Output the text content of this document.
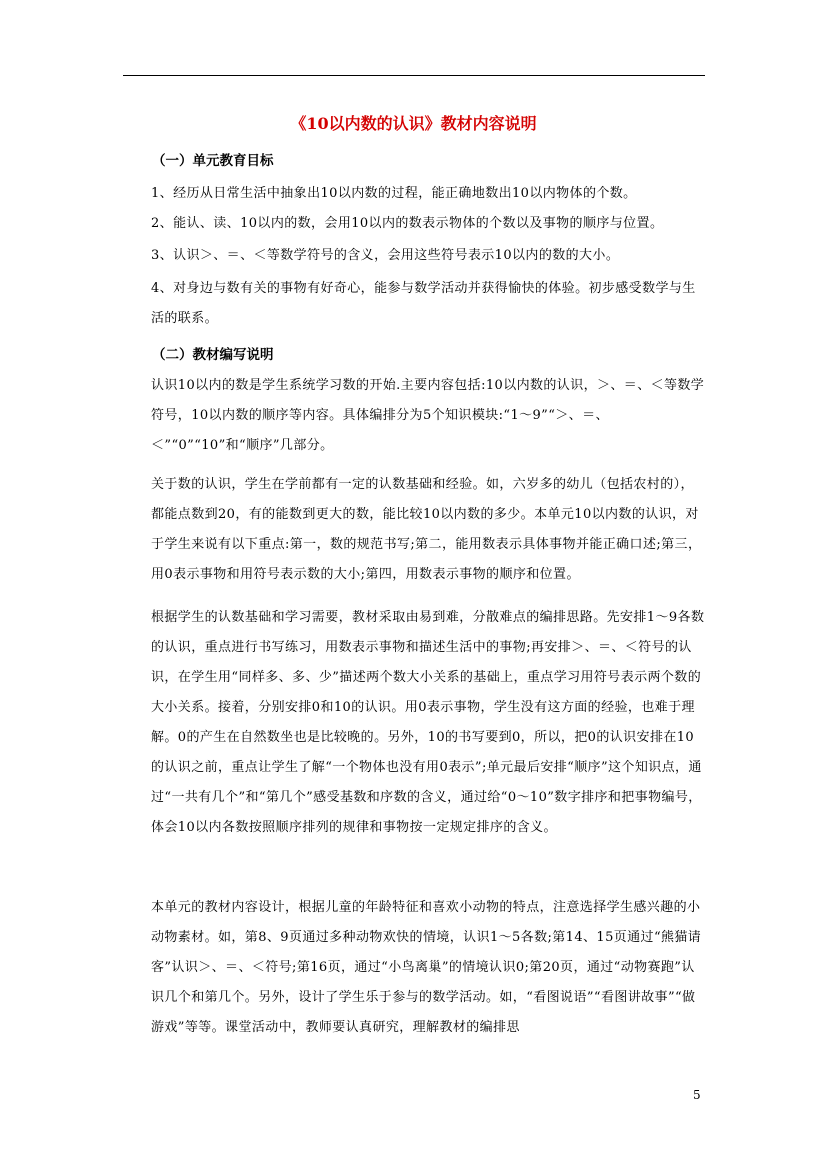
《10以内数的认识》教材内容说明
（一）单元教育目标
1、经历从日常生活中抽象出10以内数的过程，能正确地数出10以内物体的个数。
2、能认、读、10以内的数，会用10以内的数表示物体的个数以及事物的顺序与位置。
3、认识＞、＝、＜等数学符号的含义，会用这些符号表示10以内的数的大小。
4、对身边与数有关的事物有好奇心，能参与数学活动并获得愉快的体验。初步感受数学与生活的联系。
（二）教材编写说明
认识10以内的数是学生系统学习数的开始.主要内容包括:10以内数的认识，＞、＝、＜等数学符号，10以内数的顺序等内容。具体编排分为5个知识模块:“1～9”“＞、＝、＜”“0”“10”和“顺序”几部分。
关于数的认识，学生在学前都有一定的认数基础和经验。如，六岁多的幼儿（包括农村的），都能点数到20，有的能数到更大的数，能比较10以内数的多少。本单元10以内数的认识，对于学生来说有以下重点:第一，数的规范书写;第二，能用数表示具体事物并能正确口述;第三，用0表示事物和用符号表示数的大小;第四，用数表示事物的顺序和位置。
根据学生的认数基础和学习需要，教材采取由易到难，分散难点的编排思路。先安排1～9各数的认识，重点进行书写练习，用数表示事物和描述生活中的事物;再安排＞、＝、＜符号的认识，在学生用“同样多、多、少”描述两个数大小关系的基础上，重点学习用符号表示两个数的大小关系。接着，分别安排0和10的认识。用0表示事物，学生没有这方面的经验，也难于理解。0的产生在自然数坐也是比较晚的。另外，10的书写要到0，所以，把0的认识安排在10的认识之前，重点让学生了解“一个物体也没有用0表示”;单元最后安排“顺序”这个知识点，通过“一共有几个”和“第几个”感受基数和序数的含义，通过给“0～10”数字排序和把事物编号，体会10以内各数按照顺序排列的规律和事物按一定规定排序的含义。
本单元的教材内容设计，根据儿童的年龄特征和喜欢小动物的特点，注意选择学生感兴趣的小动物素材。如，第8、9页通过多种动物欢快的情境，认识1～5各数;第14、15页通过“熊猫请客”认识＞、＝、＜符号;第16页，通过“小鸟离巢”的情境认识0;第20页，通过“动物赛跑”认识几个和第几个。另外，设计了学生乐于参与的数学活动。如，“看图说语”“看图讲故事”“做游戏”等等。课堂活动中，教师要认真研究，理解教材的编排思
5
